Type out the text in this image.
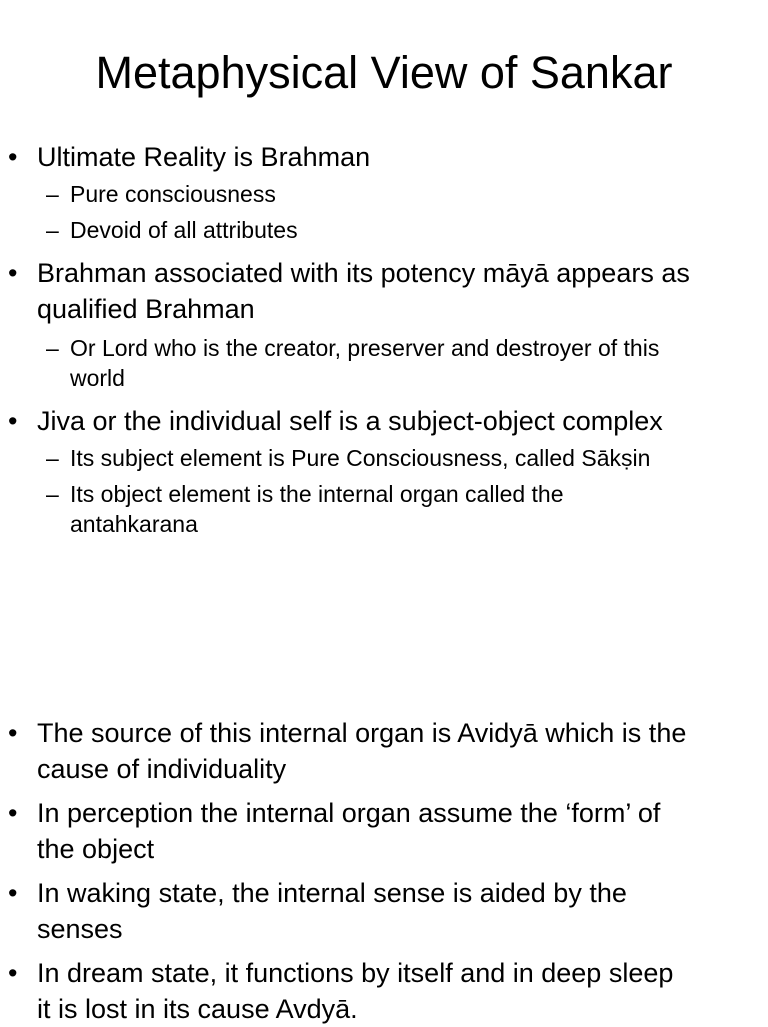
Metaphysical View of Sankar
• Ultimate Reality is Brahman
– Pure consciousness
– Devoid of all attributes
• Brahman associated with its potency māyā appears as
qualified Brahman
– Or Lord who is the creator, preserver and destroyer of this
world
• Jiva or the individual self is a subject-object complex
– Its subject element is Pure Consciousness, called Sākṣin
– Its object element is the internal organ called the
antahkarana
• The source of this internal organ is Avidyā which is the
cause of individuality
• In perception the internal organ assume the ‘form’ of
the object
• In waking state, the internal sense is aided by the
senses
• In dream state, it functions by itself and in deep sleep
it is lost in its cause Avdyā.
